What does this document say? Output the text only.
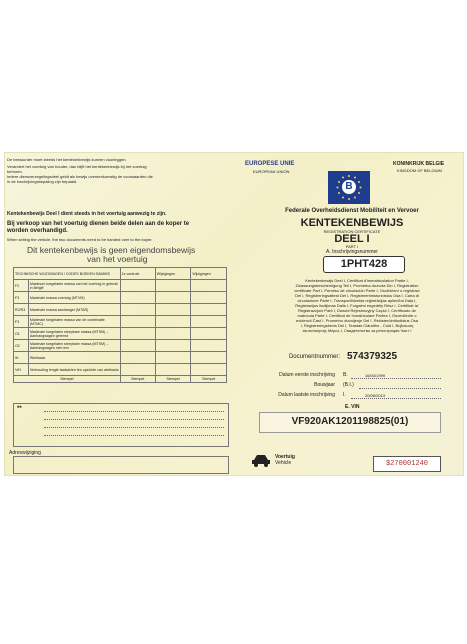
De bestuurder moet steeds het kentekenbewijs kunnen voorleggen.
Verandert het voertuig van houder, dan blijft het kentekenbewijs bij het voertuig
behoren.
Iedere diensverzegelingsdeel geldt als bewijs overeenkomstig de voorwaarden die
in de inschrijvingsbepaling zijn bepaald.
Kentekenbewijs Deel I dient steeds in het voertuig aanwezig te zijn.
Bij verkoop van het voertuig dienen beide delen aan de koper te
worden overhandigd.
When selling the vehicle, the two documents need to be handed over to the buyer.
Dit kentekenbewijs is geen eigendomsbewijs
van het voertuig
TECHNISCHE WIJZIGINGEN / CODES BOEKEN SAMMIS		1e controle	Wijzigingen	Wijzigingen
F2	Maximum toegelaten massa van het voertuig in gebruik in België			
F3	Maximale massa voertuig (MTVM)			
R2/R3	Maximale massa aanhanger (MTAR)			
F3	Maximale toegelaten massa van de combinatie (MTMC)			
O1	Maximale toegelaten sleepbare massa (MTSM) – Aanhangwagen geremd			
O2	Maximale toegelaten sleepbare massa (MTSM) – Aanhangwagen niet rem			
W	Wielbasis			
V/H	Verhouding lengte taalwielen ten opzichte van wielbasis			
Stempel		Stempel	Stempel	Stempel
**
Adreswijziging
EUROPESE UNIE
EUROPEAN UNION
KONINKRIJK BELGIE
KINGDOM OF BELGIUM
B
Federale Overheidsdienst Mobiliteit en Vervoer
KENTEKENBEWIJS
REGISTRATION CERTIFICATE
DEEL I
PART I
A. Inschrijvingsnummer
1PHT428
Kentekenbewijs Deel I, Certificat d'immatriculation Partie I,
Zulassungsbescheinigung Teil I, Prometna dozvola Dio I, Registration
certificate Part I, Permiso de circulación Parte I, Osvědčení o registraci
Del I, Registreringsattest Del I, Registreerimistunnistus Osa I, Carta di
circolazione Parte I, Transportlīdzekļa reģistrācijas apliecība Daļa I,
Registracijos liudijimas Dalis I, Forgalmi engedély Rész I, Certifikat ta'
Registrazzjoni Parti I, Dowód Rejestracyjny Część I, Certificado de
matrícula Parte I, Certificat de înmatriculare Partea I, Osvedčenie o
evidencii Časť I, Prometno dovoljenje Del I, Rekisteröintitodistus Osa
I, Registreringsbevis Del I, Teastas Cláraithe - Cuid I, Βεβαίωση
ταυτοποίησης Μέρος I, Свидетелство за регистрация Част I
Documentnummer: 574379325
Dalum eerste inschrijving B.	16/04/1999
Bouwjaar (B.I.)
Dalum laatste inschrijving I.	20/06/2013
E. VIN
VF920AK1201198825(01)
Voertuig
Vehicle	$270001240
